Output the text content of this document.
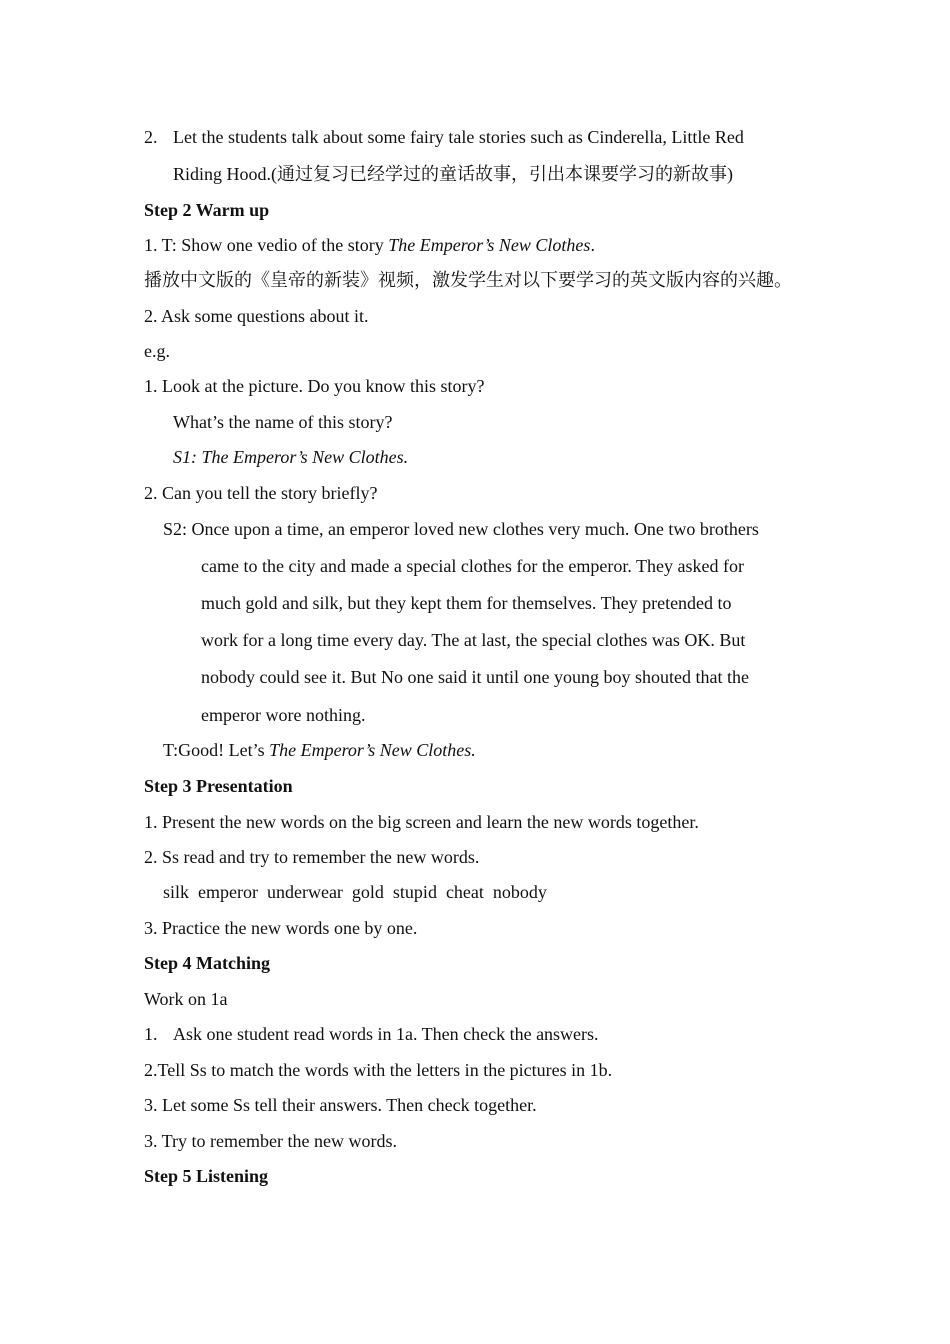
2. Let the students talk about some fairy tale stories such as Cinderella, Little Red
Riding Hood.(通过复习已经学过的童话故事，引出本课要学习的新故事)
Step 2 Warm up
1. T: Show one vedio of the story The Emperor’s New Clothes.
播放中文版的《皇帝的新装》视频，激发学生对以下要学习的英文版内容的兴趣。
2. Ask some questions about it.
e.g.
1. Look at the picture. Do you know this story?
What’s the name of this story?
S1: The Emperor’s New Clothes.
2. Can you tell the story briefly?
S2: Once upon a time, an emperor loved new clothes very much. One two brothers
came to the city and made a special clothes for the emperor. They asked for
much gold and silk, but they kept them for themselves. They pretended to
work for a long time every day. The at last, the special clothes was OK. But
nobody could see it. But No one said it until one young boy shouted that the
emperor wore nothing.
T:Good! Let’s The Emperor’s New Clothes.
Step 3 Presentation
1. Present the new words on the big screen and learn the new words together.
2. Ss read and try to remember the new words.
silk  emperor  underwear  gold  stupid  cheat  nobody
3. Practice the new words one by one.
Step 4 Matching
Work on 1a
1. Ask one student read words in 1a. Then check the answers.
2.Tell Ss to match the words with the letters in the pictures in 1b.
3. Let some Ss tell their answers. Then check together.
3. Try to remember the new words.
Step 5 Listening
